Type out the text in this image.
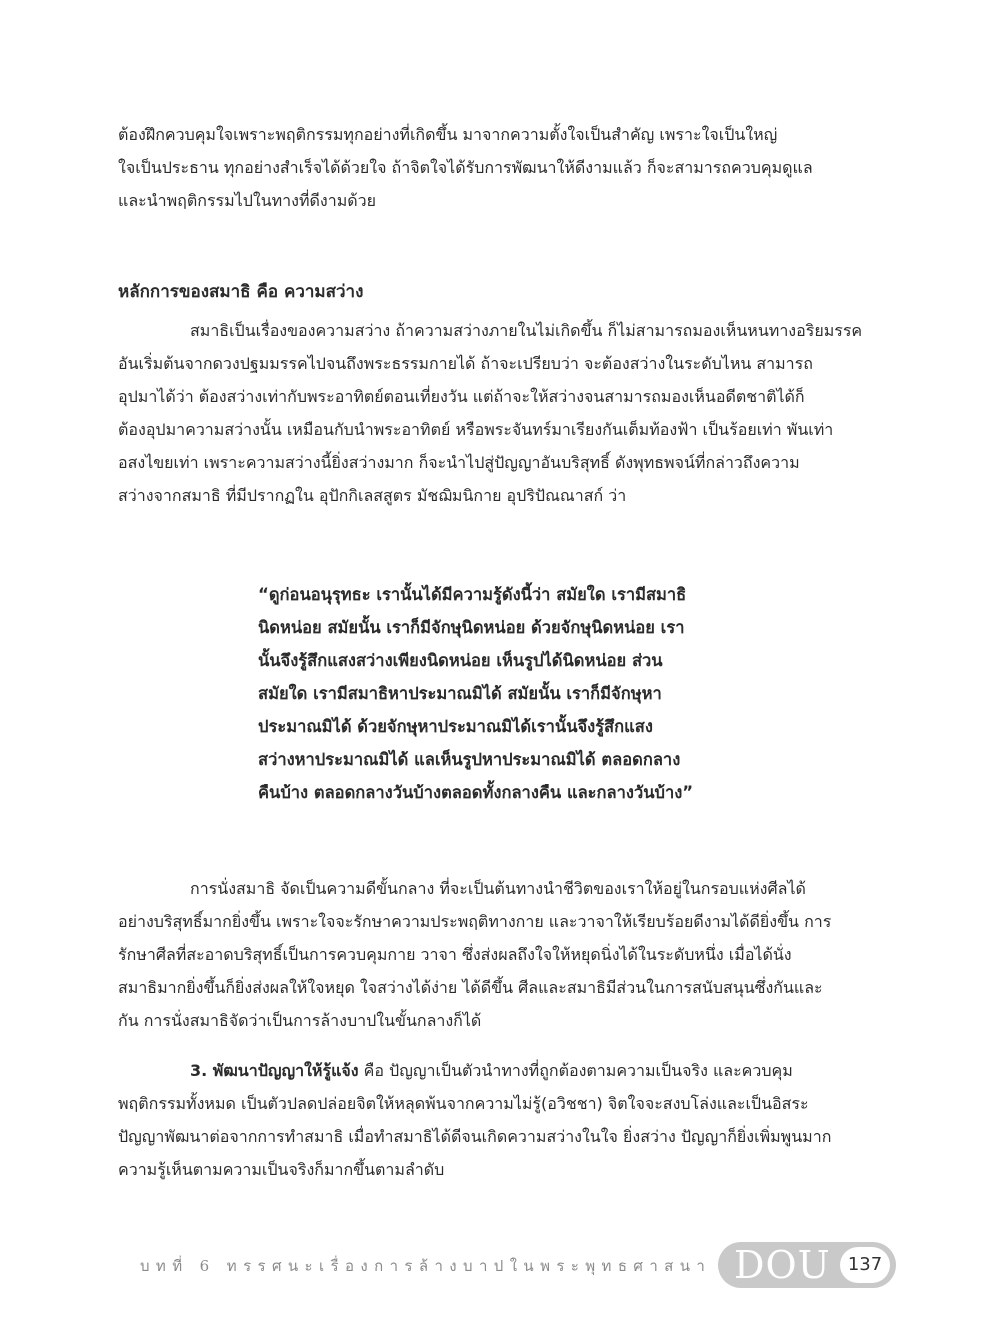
ต้องฝึกควบคุมใจเพราะพฤติกรรมทุกอย่างที่เกิดขึ้น มาจากความตั้งใจเป็นสำคัญ เพราะใจเป็นใหญ่
ใจเป็นประธาน ทุกอย่างสำเร็จได้ด้วยใจ ถ้าจิตใจได้รับการพัฒนาให้ดีงามแล้ว ก็จะสามารถควบคุมดูแล
และนำพฤติกรรมไปในทางที่ดีงามด้วย

หลักการของสมาธิ คือ ความสว่าง

สมาธิเป็นเรื่องของความสว่าง ถ้าความสว่างภายในไม่เกิดขึ้น ก็ไม่สามารถมองเห็นหนทางอริยมรรค
อันเริ่มต้นจากดวงปฐมมรรคไปจนถึงพระธรรมกายได้ ถ้าจะเปรียบว่า จะต้องสว่างในระดับไหน สามารถ
อุปมาได้ว่า ต้องสว่างเท่ากับพระอาทิตย์ตอนเที่ยงวัน แต่ถ้าจะให้สว่างจนสามารถมองเห็นอดีตชาติได้ก็
ต้องอุปมาความสว่างนั้น เหมือนกับนำพระอาทิตย์ หรือพระจันทร์มาเรียงกันเต็มท้องฟ้า เป็นร้อยเท่า พันเท่า
อสงไขยเท่า เพราะความสว่างนี้ยิ่งสว่างมาก ก็จะนำไปสู่ปัญญาอันบริสุทธิ์ ดังพุทธพจน์ที่กล่าวถึงความ
สว่างจากสมาธิ ที่มีปรากฏใน อุปักกิเลสสูตร มัชฌิมนิกาย อุปริปัณณาสก์ ว่า

“ดูก่อนอนุรุทธะ เรานั้นได้มีความรู้ดังนี้ว่า สมัยใด เรามีสมาธิ
นิดหน่อย สมัยนั้น เราก็มีจักษุนิดหน่อย ด้วยจักษุนิดหน่อย เรา
นั้นจึงรู้สึกแสงสว่างเพียงนิดหน่อย เห็นรูปได้นิดหน่อย ส่วน
สมัยใด เรามีสมาธิหาประมาณมิได้ สมัยนั้น เราก็มีจักษุหา
ประมาณมิได้ ด้วยจักษุหาประมาณมิได้เรานั้นจึงรู้สึกแสง
สว่างหาประมาณมิได้ แลเห็นรูปหาประมาณมิได้ ตลอดกลาง
คืนบ้าง ตลอดกลางวันบ้างตลอดทั้งกลางคืน และกลางวันบ้าง”

การนั่งสมาธิ จัดเป็นความดีขั้นกลาง ที่จะเป็นต้นทางนำชีวิตของเราให้อยู่ในกรอบแห่งศีลได้
อย่างบริสุทธิ์มากยิ่งขึ้น เพราะใจจะรักษาความประพฤติทางกาย และวาจาให้เรียบร้อยดีงามได้ดียิ่งขึ้น การ
รักษาศีลที่สะอาดบริสุทธิ์เป็นการควบคุมกาย วาจา ซึ่งส่งผลถึงใจให้หยุดนิ่งได้ในระดับหนึ่ง เมื่อได้นั่ง
สมาธิมากยิ่งขึ้นก็ยิ่งส่งผลให้ใจหยุด ใจสว่างได้ง่าย ได้ดีขึ้น ศีลและสมาธิมีส่วนในการสนับสนุนซึ่งกันและ
กัน การนั่งสมาธิจัดว่าเป็นการล้างบาปในขั้นกลางก็ได้

3. พัฒนาปัญญาให้รู้แจ้ง คือ ปัญญาเป็นตัวนำทางที่ถูกต้องตามความเป็นจริง และควบคุม
พฤติกรรมทั้งหมด เป็นตัวปลดปล่อยจิตให้หลุดพ้นจากความไม่รู้(อวิชชา) จิตใจจะสงบโล่งและเป็นอิสระ
ปัญญาพัฒนาต่อจากการทำสมาธิ เมื่อทำสมาธิได้ดีจนเกิดความสว่างในใจ ยิ่งสว่าง ปัญญาก็ยิ่งเพิ่มพูนมาก
ความรู้เห็นตามความเป็นจริงก็มากขึ้นตามลำดับ

บทที่ 6 ทรรศนะเรื่องการล้างบาปในพระพุทธศาสนา DOU 137
